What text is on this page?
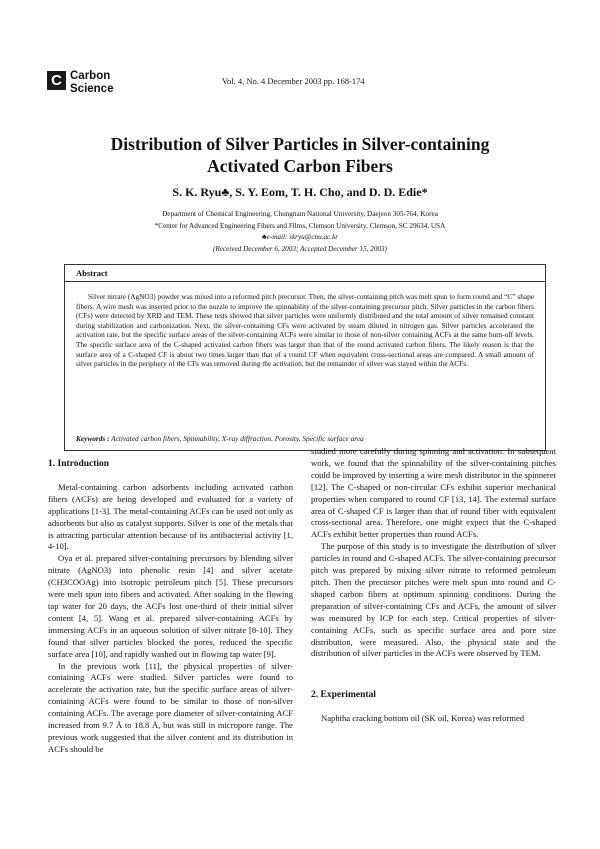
C Carbon
Science
Vol. 4, No. 4 December 2003 pp. 168-174
Distribution of Silver Particles in Silver-containing
Activated Carbon Fibers
S. K. Ryu♣, S. Y. Eom, T. H. Cho, and D. D. Edie*
Department of Chemical Engineering, Chungnam National University, Daejeon 305-764, Korea
*Center for Advanced Engineering Fibers and Films, Clemson University, Clemson, SC 29634, USA
♣e-mail: skryu@cnu.ac.kr
(Received December 6, 2003; Accepted December 15, 2003)
Abstract
Silver nitrate (AgNO3) powder was mixed into a reformed pitch precursor. Then, the silver-containing pitch was melt spun to form round and “C” shape fibers. A wire mesh was inserted prior to the nozzle to improve the spinnability of the silver-containing precursor pitch. Silver particles in the carbon fibers (CFs) were detected by XRD and TEM. These tests showed that silver particles were uniformly distributed and the total amount of silver remained constant during stabilization and carbonization. Next, the silver-containing CFs were activated by steam diluted in nitrogen gas. Silver particles accelerated the activation rate, but the specific surface areas of the silver-containing ACFs were similar to those of non-silver containing ACFs at the same burn-off levels. The specific surface area of the C-shaped activated carbon fibers was larger than that of the round activated carbon fibers. The likely reason is that the surface area of a C-shaped CF is about two times larger than that of a round CF when equivalent cross-sectional areas are compared. A small amount of silver particles in the periphery of the CFs was removed during the activation, but the remainder of silver was stayed within the ACFs.
Keywords : Activated carbon fibers, Spinnability, X-ray diffraction, Porosity, Specific surface area
1. Introduction

Metal-containing carbon adsorbents including activated carbon fibers (ACFs) are being developed and evaluated for a variety of applications [1-3]. The metal-containing ACFs can be used not only as adsorbents but also as catalyst supports. Silver is one of the metals that is attracting particular attention because of its antibacterial activity [1, 4-10].

Oya et al. prepared silver-containing precursors by blending silver nitrate (AgNO3) into phenolic resin [4] and silver acetate (CH3COOAg) into isotropic petroleum pitch [5]. These precursors were melt spun into fibers and activated. After soaking in the flowing tap water for 20 days, the ACFs lost one-third of their initial silver content [4, 5]. Wang et al. prepared silver-containing ACFs by immersing ACFs in an aqueous solution of silver nitrate [8-10]. They found that silver particles blocked the pores, reduced the specific surface area [10], and rapidly washed out in flowing tap water [9].

In the previous work [11], the physical properties of silver-containing ACFs were studied. Silver particles were found to accelerate the activation rate, but the specific surface areas of silver-containing ACFs were found to be similar to those of non-silver containing ACFs. The average pore diameter of silver-containing ACF increased from 9.7 Å to 18.8 Å, but was still in micropore range. The previous work suggested that the silver content and its distribution in ACFs should be

studied more carefully during spinning and activation. In subsequent work, we found that the spinnability of the silver-containing pitches could be improved by inserting a wire mesh distributor in the spinneret [12]. The C-shaped or non-circular CFs exhibit superior mechanical properties when compared to round CF [13, 14]. The external surface area of C-shaped CF is larger than that of round fiber with equivalent cross-sectional area. Therefore, one might expect that the C-shaped ACFs exhibit better properties than round ACFs.

The purpose of this study is to investigate the distribution of silver particles in round and C-shaped ACFs. The silver-containing precursor pitch was prepared by mixing silver nitrate to reformed petroleum pitch. Then the precursor pitches were melt spun into round and C-shaped carbon fibers at optimum spinning conditions. During the preparation of silver-containing CFs and ACFs, the amount of silver was measured by ICP for each step. Critical properties of silver-containing ACFs, such as specific surface area and pore size distribution, were measured. Also, the physical state and the distribution of silver particles in the ACFs were observed by TEM.

2. Experimental

Naphtha cracking bottom oil (SK oil, Korea) was reformed
